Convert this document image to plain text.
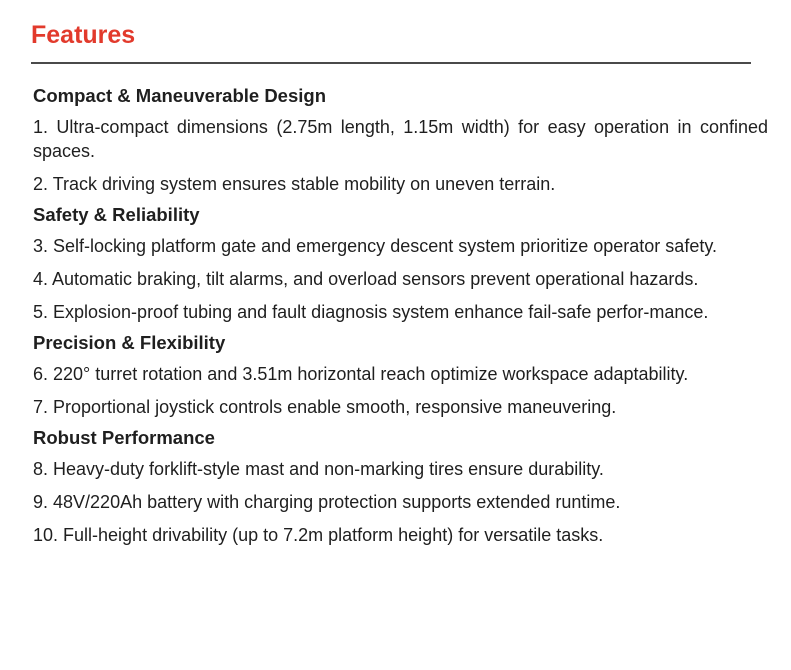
Features
Compact & Maneuverable Design

1. Ultra-compact dimensions (2.75m length, 1.15m width) for easy operation in confined spaces.

2. Track driving system ensures stable mobility on uneven terrain.

Safety & Reliability

3. Self-locking platform gate and emergency descent system prioritize operator safety.

4. Automatic braking, tilt alarms, and overload sensors prevent operational hazards.

5. Explosion-proof tubing and fault diagnosis system enhance fail-safe perfor-mance.

Precision & Flexibility

6. 220° turret rotation and 3.51m horizontal reach optimize workspace adaptability.

7. Proportional joystick controls enable smooth, responsive maneuvering.

Robust Performance

8. Heavy-duty forklift-style mast and non-marking tires ensure durability.

9. 48V/220Ah battery with charging protection supports extended runtime.

10. Full-height drivability (up to 7.2m platform height) for versatile tasks.
